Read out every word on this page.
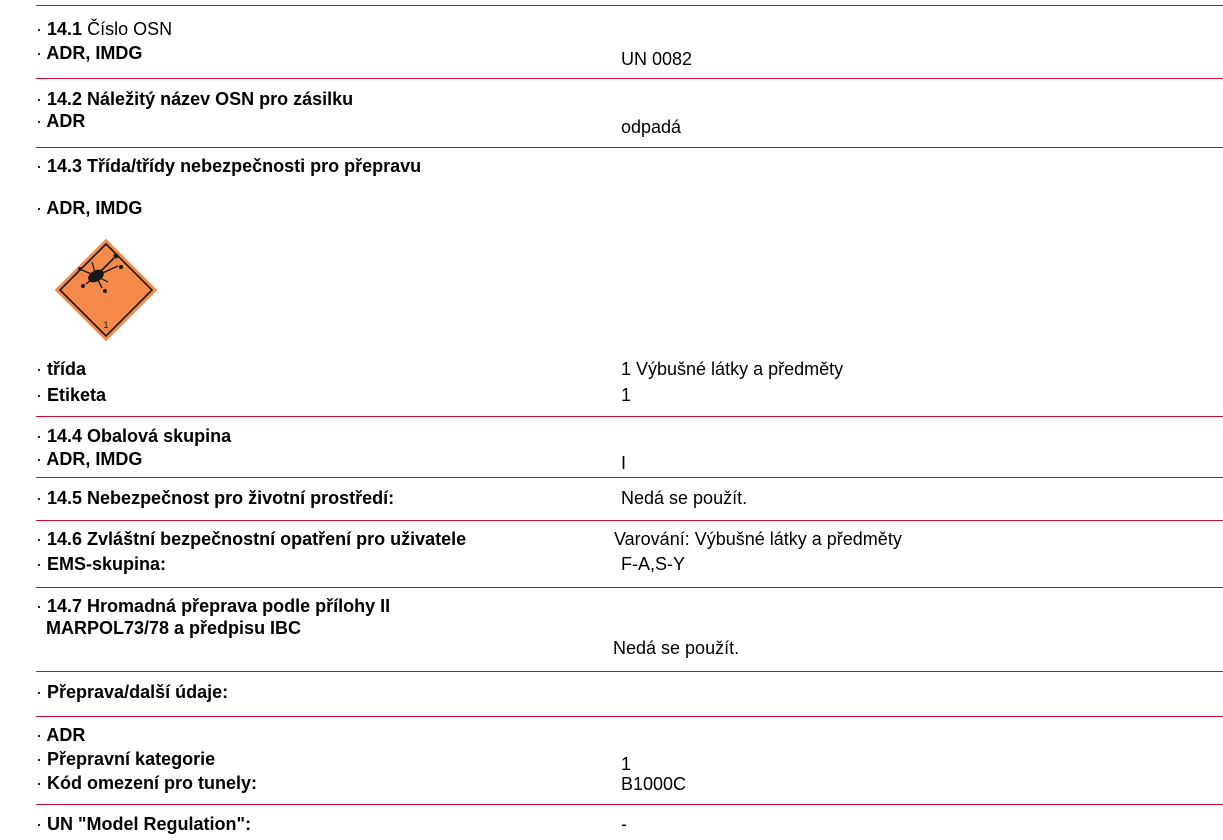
· 14.1 Číslo OSN
· ADR, IMDG	UN 0082
· 14.2 Náležitý název OSN pro zásilku
· ADR	odpadá
· 14.3 Třída/třídy nebezpečnosti pro přepravu
· ADR, IMDG
1
· třída	1 Výbušné látky a předměty
· Etiketa	1
· 14.4 Obalová skupina
· ADR, IMDG	I
· 14.5 Nebezpečnost pro životní prostředí:	Nedá se použít.
· 14.6 Zvláštní bezpečnostní opatření pro uživatele	Varování: Výbušné látky a předměty
· EMS-skupina:	F-A,S-Y
· 14.7 Hromadná přeprava podle přílohy II
MARPOL73/78 a předpisu IBC
Nedá se použít.
· Přeprava/další údaje:
· ADR
· Přepravní kategorie	1
· Kód omezení pro tunely:	B1000C
· UN "Model Regulation":	-
